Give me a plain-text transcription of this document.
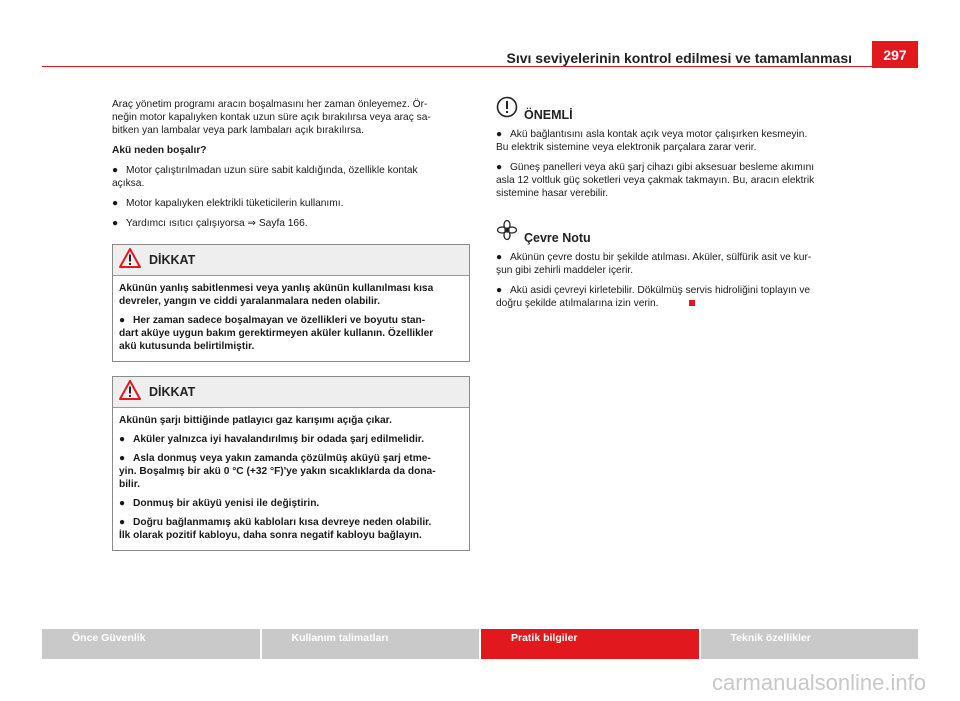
Sıvı seviyelerinin kontrol edilmesi ve tamamlanması	297

Araç yönetim programı aracın boşalmasını her zaman önleyemez. Ör-
neğin motor kapalıyken kontak uzun süre açık bırakılırsa veya araç sa-
bitken yan lambalar veya park lambaları açık bırakılırsa.

Akü neden boşalır?

● Motor çalıştırılmadan uzun süre sabit kaldığında, özellikle kontak
açıksa.

● Motor kapalıyken elektrikli tüketicilerin kullanımı.

● Yardımcı ısıtıcı çalışıyorsa ⇒ Sayfa 166.

DİKKAT

Akünün yanlış sabitlenmesi veya yanlış akünün kullanılması kısa
devreler, yangın ve ciddi yaralanmalara neden olabilir.

● Her zaman sadece boşalmayan ve özellikleri ve boyutu stan-
dart aküye uygun bakım gerektirmeyen aküler kullanın. Özellikler
akü kutusunda belirtilmiştir.

DİKKAT

Akünün şarjı bittiğinde patlayıcı gaz karışımı açığa çıkar.

● Aküler yalnızca iyi havalandırılmış bir odada şarj edilmelidir.

● Asla donmuş veya yakın zamanda çözülmüş aküyü şarj etme-
yin. Boşalmış bir akü 0 °C (+32 °F)'ye yakın sıcaklıklarda da dona-
bilir.

● Donmuş bir aküyü yenisi ile değiştirin.

● Doğru bağlanmamış akü kabloları kısa devreye neden olabilir.
İlk olarak pozitif kabloyu, daha sonra negatif kabloyu bağlayın.

ÖNEMLİ

● Akü bağlantısını asla kontak açık veya motor çalışırken kesmeyin.
Bu elektrik sistemine veya elektronik parçalara zarar verir.

● Güneş panelleri veya akü şarj cihazı gibi aksesuar besleme akımını
asla 12 voltluk güç soketleri veya çakmak takmayın. Bu, aracın elektrik
sistemine hasar verebilir.

Çevre Notu

● Akünün çevre dostu bir şekilde atılması. Aküler, sülfürik asit ve kur-
şun gibi zehirli maddeler içerir.

● Akü asidi çevreyi kirletebilir. Dökülmüş servis hidroliğini toplayın ve
doğru şekilde atılmalarına izin verin.

Önce Güvenlik	Kullanım talimatları	Pratik bilgiler	Teknik özellikler
carmanualsonline.info
